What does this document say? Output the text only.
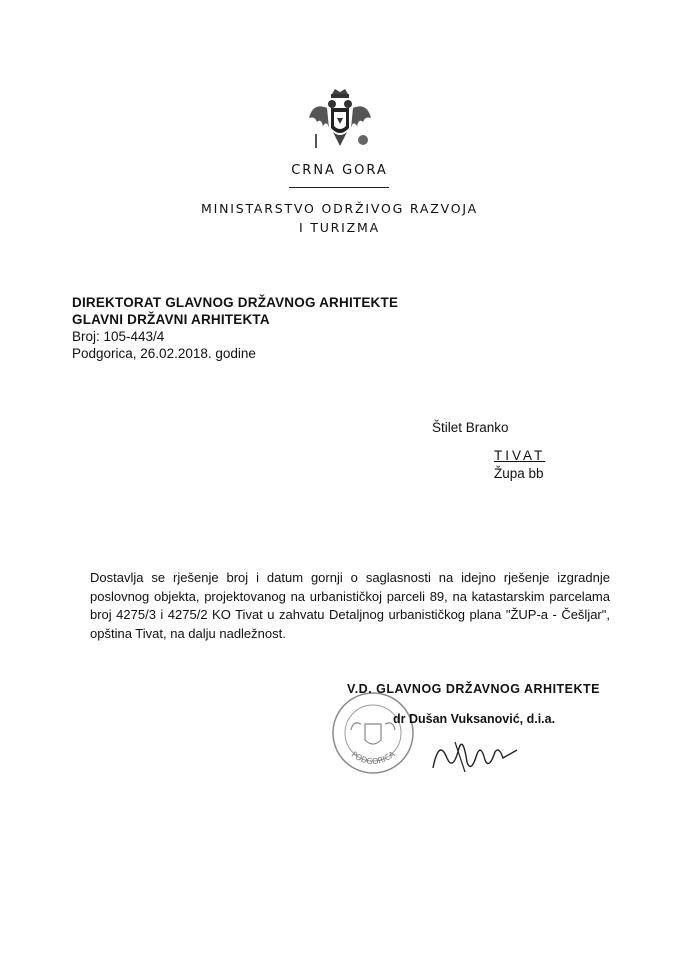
CRNA GORA
MINISTARSTVO ODRŽIVOG RAZVOJA
I TURIZMA
DIREKTORAT GLAVNOG DRŽAVNOG ARHITEKTE
GLAVNI DRŽAVNI ARHITEKTA
Broj: 105-443/4
Podgorica, 26.02.2018. godine
Štilet Branko
TIVAT
Župa bb
Dostavlja se rješenje broj i datum gornji o saglasnosti na idejno rješenje izgradnje poslovnog objekta, projektovanog na urbanističkoj parceli 89, na katastarskim parcelama broj 4275/3 i 4275/2 KO Tivat u zahvatu Detaljnog urbanističkog plana "ŽUP-a - Češljar", opština Tivat, na dalju nadležnost.
PODGORICA
V.D. GLAVNOG DRŽAVNOG ARHITEKTE
dr Dušan Vuksanović, d.i.a.
